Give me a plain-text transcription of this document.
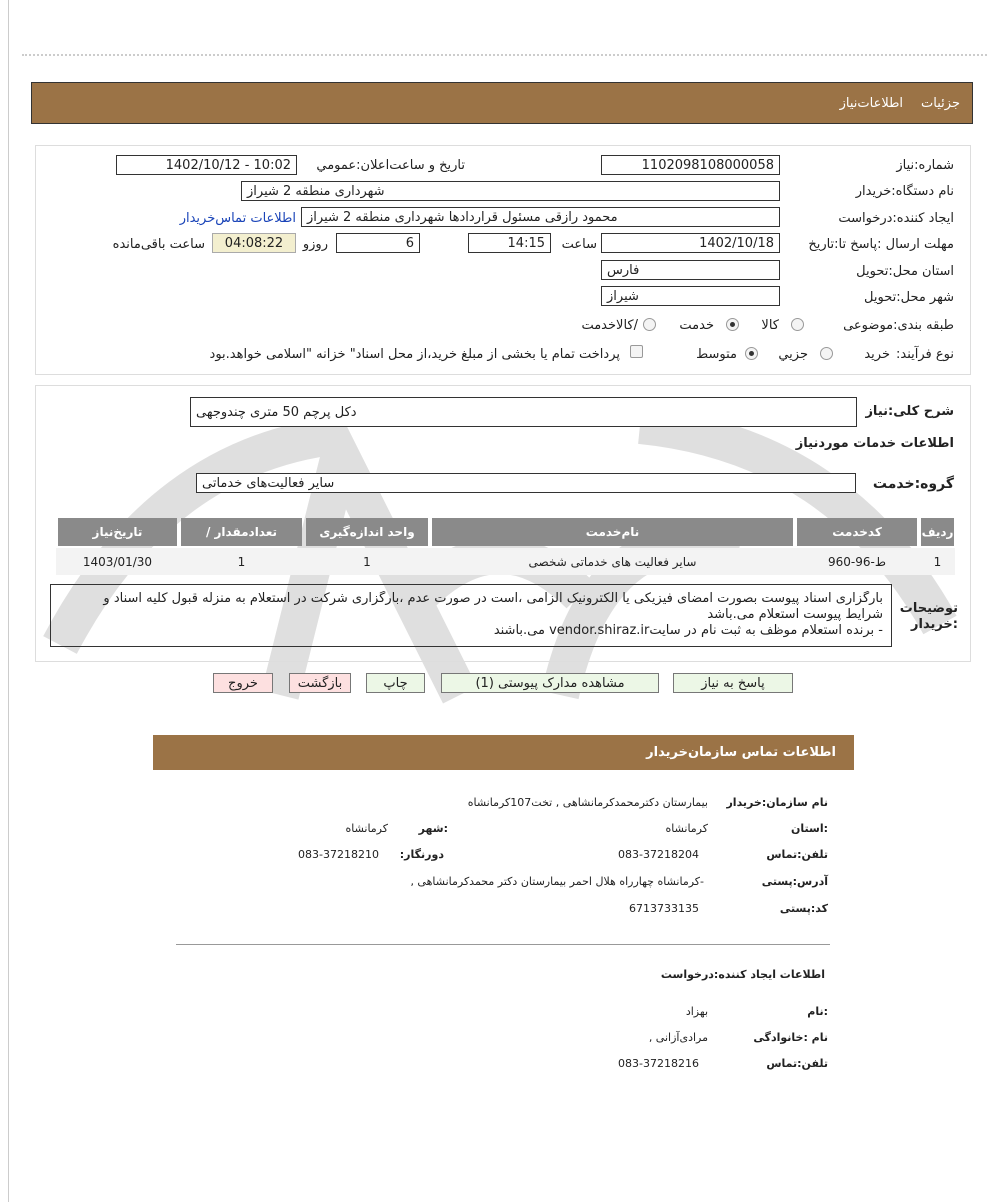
جزئیات
اطلاعات‌نیاز
شماره:نیاز
1102098108000058
تاریخ و ساعت‌اعلان:عمومي
1402/10/12 - 10:02
نام دستگاه:خریدار
شهرداری منطقه 2 شیراز
ایجاد کننده:درخواست
محمود رازقی مسئول قراردادها شهرداری منطقه 2 شیراز
اطلاعات تماس‌خریدار
مهلت ارسال :پاسخ تا:تاریخ
1402/10/18
ساعت
14:15
6
روزو
04:08:22
ساعت باقی‌مانده
استان محل:تحویل
فارس
شهر محل:تحویل
شیراز
طبقه بندی:موضوعی
کالا
خدمت
/کالاخدمت
نوع فرآیند:
خرید
جزیي
متوسط
پرداخت تمام یا بخشی از مبلغ خرید،از محل اسناد" خزانه "اسلامی خواهد.بود
شرح کلی:نیاز
دکل پرچم 50 متری چندوجهی
اطلاعات خدمات موردنیاز
گروه:خدمت
سایر فعالیت‌های خدماتی
ردیف
کدخدمت
نام‌خدمت
واحد اندازه‌گیری
/ تعدادمقدار
تاریخ‌نیاز
1
ط-96-960
سایر فعالیت های خدماتی شخصی
1
1
1403/01/30
توضیحات :خریدار
بارگزاری اسناد پیوست بصورت امضای فیزیکی یا الکترونیک الزامی ،است در صورت عدم ،بارگزاری شرکت در استعلام به منزله قبول کلیه اسناد و
شرایط پیوست استعلام می.باشد
- برنده استعلام موظف به ثبت نام در سایتvendor.shiraz.ir می.باشند
پاسخ به نیاز
مشاهده مدارک پیوستی (1)
چاپ
بازگشت
خروج
اطلاعات تماس سازمان‌خریدار
نام سازمان:خریدار
بیمارستان دکترمحمدکرمانشاهی , تخت107کرمانشاه
:استان
کرمانشاه
:شهر
کرمانشاه
تلفن:تماس
083-37218204
دورنگار:
083-37218210
آدرس:پستی
-کرمانشاه چهارراه هلال احمر بیمارستان دکتر محمدکرمانشاهی ,
کد:پستی
6713733135
اطلاعات ایجاد کننده:درخواست
:نام
بهزاد
نام :خانوادگی
مرادی‌آزانی ,
تلفن:تماس
083-37218216
